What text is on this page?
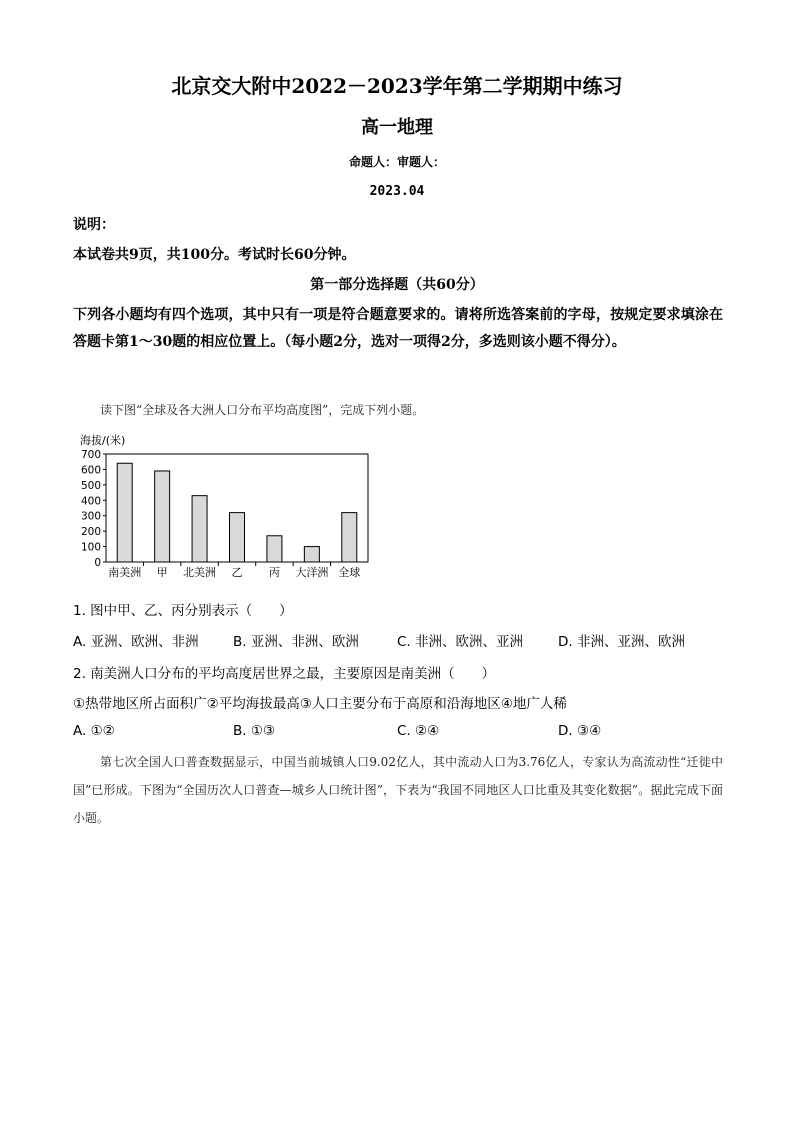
北京交大附中2022－2023学年第二学期期中练习
高一地理
命题人：审题人：
2023.04
说明：
本试卷共9页，共100分。考试时长60分钟。
第一部分选择题（共60分）
下列各小题均有四个选项，其中只有一项是符合题意要求的。请将所选答案前的字母，按规定要求填涂在答题卡第1～30题的相应位置上。（每小题2分，选对一项得2分，多选则该小题不得分）。
读下图“全球及各大洲人口分布平均高度图”，完成下列小题。
海拔/(米)
0
100
200
300
400
500
600
700
南美洲 甲 北美洲 乙 丙 大洋洲 全球
1. 图中甲、乙、丙分别表示（　　）
A. 亚洲、欧洲、非洲	B. 亚洲、非洲、欧洲	C. 非洲、欧洲、亚洲	D. 非洲、亚洲、欧洲
2. 南美洲人口分布的平均高度居世界之最，主要原因是南美洲（　　）
①热带地区所占面积广②平均海拔最高③人口主要分布于高原和沿海地区④地广人稀
A. ①②	B. ①③	C. ②④	D. ③④
第七次全国人口普查数据显示，中国当前城镇人口9.02亿人，其中流动人口为3.76亿人，专家认为高流动性“迁徙中国”已形成。下图为“全国历次人口普查—城乡人口统计图”，下表为“我国不同地区人口比重及其变化数据”。据此完成下面小题。
